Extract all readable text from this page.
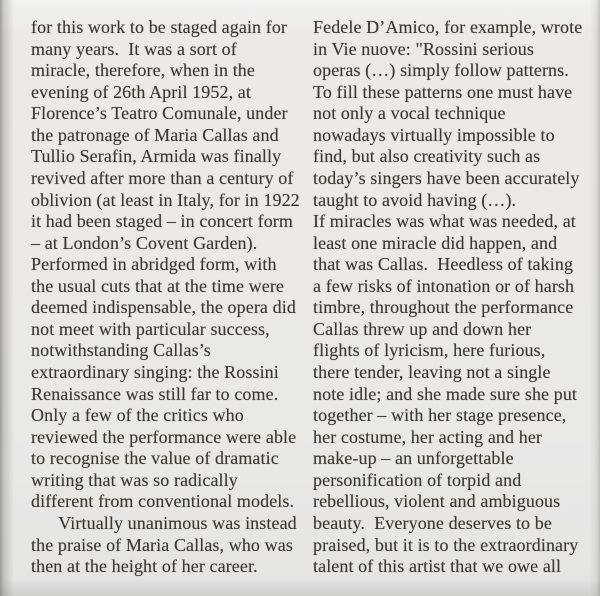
for this work to be staged again for
many years.  It was a sort of
miracle, therefore, when in the
evening of 26th April 1952, at
Florence’s Teatro Comunale, under
the patronage of Maria Callas and
Tullio Serafin, Armida was finally
revived after more than a century of
oblivion (at least in Italy, for in 1922
it had been staged – in concert form
– at London’s Covent Garden).
Performed in abridged form, with
the usual cuts that at the time were
deemed indispensable, the opera did
not meet with particular success,
notwithstanding Callas’s
extraordinary singing: the Rossini
Renaissance was still far to come.
Only a few of the critics who
reviewed the performance were able
to recognise the value of dramatic
writing that was so radically
different from conventional models.
Virtually unanimous was instead
the praise of Maria Callas, who was
then at the height of her career.
Fedele D’Amico, for example, wrote
in Vie nuove: "Rossini serious
operas (…) simply follow patterns.
To fill these patterns one must have
not only a vocal technique
nowadays virtually impossible to
find, but also creativity such as
today’s singers have been accurately
taught to avoid having (…).
If miracles was what was needed, at
least one miracle did happen, and
that was Callas.  Heedless of taking
a few risks of intonation or of harsh
timbre, throughout the performance
Callas threw up and down her
flights of lyricism, here furious,
there tender, leaving not a single
note idle; and she made sure she put
together – with her stage presence,
her costume, her acting and her
make-up – an unforgettable
personification of torpid and
rebellious, violent and ambiguous
beauty.  Everyone deserves to be
praised, but it is to the extraordinary
talent of this artist that we owe all
